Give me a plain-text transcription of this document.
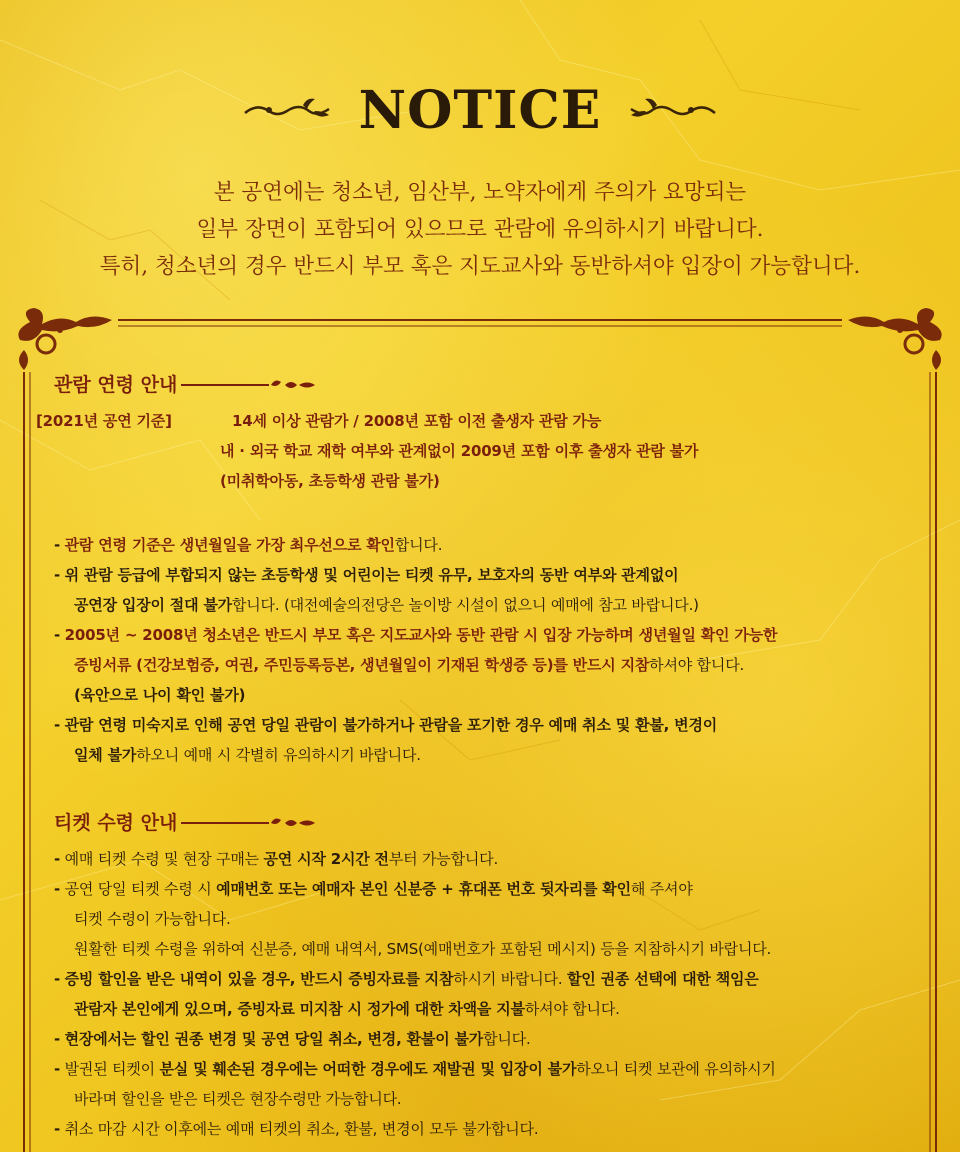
NOTICE
본 공연에는 청소년, 임산부, 노약자에게 주의가 요망되는
일부 장면이 포함되어 있으므로 관람에 유의하시기 바랍니다.
특히, 청소년의 경우 반드시 부모 혹은 지도교사와 동반하셔야 입장이 가능합니다.
관람 연령 안내
[2021년 공연 기준]	14세 이상 관람가 / 2008년 포함 이전 출생자 관람 가능
내 · 외국 학교 재학 여부와 관계없이 2009년 포함 이후 출생자 관람 불가
(미취학아동, 초등학생 관람 불가)
- 관람 연령 기준은 생년월일을 가장 최우선으로 확인합니다.
- 위 관람 등급에 부합되지 않는 초등학생 및 어린이는 티켓 유무, 보호자의 동반 여부와 관계없이
공연장 입장이 절대 불가합니다. (대전예술의전당은 놀이방 시설이 없으니 예매에 참고 바랍니다.)
- 2005년 ~ 2008년 청소년은 반드시 부모 혹은 지도교사와 동반 관람 시 입장 가능하며 생년월일 확인 가능한
증빙서류 (건강보험증, 여권, 주민등록등본, 생년월일이 기재된 학생증 등)를 반드시 지참하셔야 합니다.
(육안으로 나이 확인 불가)
- 관람 연령 미숙지로 인해 공연 당일 관람이 불가하거나 관람을 포기한 경우 예매 취소 및 환불, 변경이
일체 불가하오니 예매 시 각별히 유의하시기 바랍니다.
티켓 수령 안내
- 예매 티켓 수령 및 현장 구매는 공연 시작 2시간 전부터 가능합니다.
- 공연 당일 티켓 수령 시 예매번호 또는 예매자 본인 신분증 + 휴대폰 번호 뒷자리를 확인해 주셔야
티켓 수령이 가능합니다.
원활한 티켓 수령을 위하여 신분증, 예매 내역서, SMS(예매번호가 포함된 메시지) 등을 지참하시기 바랍니다.
- 증빙 할인을 받은 내역이 있을 경우, 반드시 증빙자료를 지참하시기 바랍니다. 할인 권종 선택에 대한 책임은
관람자 본인에게 있으며, 증빙자료 미지참 시 정가에 대한 차액을 지불하셔야 합니다.
- 현장에서는 할인 권종 변경 및 공연 당일 취소, 변경, 환불이 불가합니다.
- 발권된 티켓이 분실 및 훼손된 경우에는 어떠한 경우에도 재발권 및 입장이 불가하오니 티켓 보관에 유의하시기
바라며 할인을 받은 티켓은 현장수령만 가능합니다.
- 취소 마감 시간 이후에는 예매 티켓의 취소, 환불, 변경이 모두 불가합니다.
